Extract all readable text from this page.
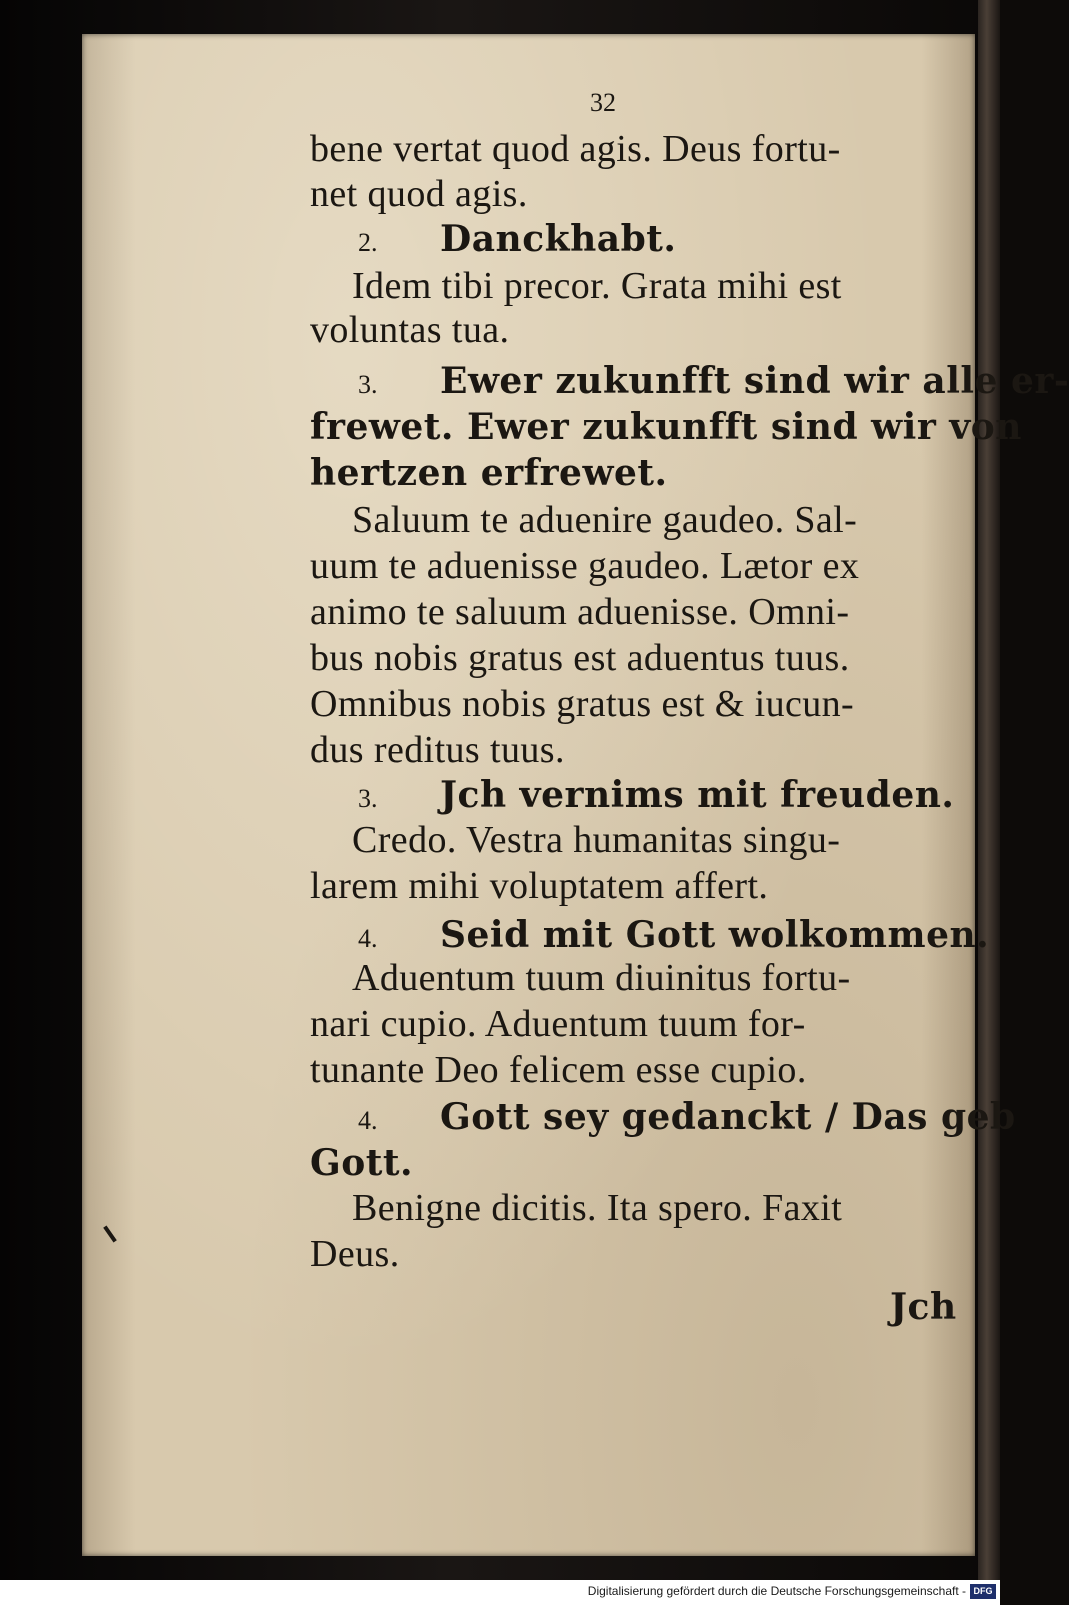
32
bene vertat quod agis. Deus fortu-
net quod agis.
2. Danckhabt.
Idem tibi precor. Grata mihi est
voluntas tua.
3. Ewer zukunfft sind wir alle er-
frewet. Ewer zukunfft sind wir von
hertzen erfrewet.
Saluum te aduenire gaudeo. Sal-
uum te aduenisse gaudeo. Lætor ex
animo te saluum aduenisse. Omni-
bus nobis gratus est aduentus tuus.
Omnibus nobis gratus est & iucun-
dus reditus tuus.
3. Jch vernims mit freuden.
Credo. Vestra humanitas singu-
larem mihi voluptatem affert.
4. Seid mit Gott wolkommen.
Aduentum tuum diuinitus fortu-
nari cupio. Aduentum tuum for-
tunante Deo felicem esse cupio.
4. Gott sey gedanckt / Das geb
Gott.
Benigne dicitis. Ita spero. Faxit
Deus.
Jch
Digitalisierung gefördert durch die Deutsche Forschungsgemeinschaft - DFG
